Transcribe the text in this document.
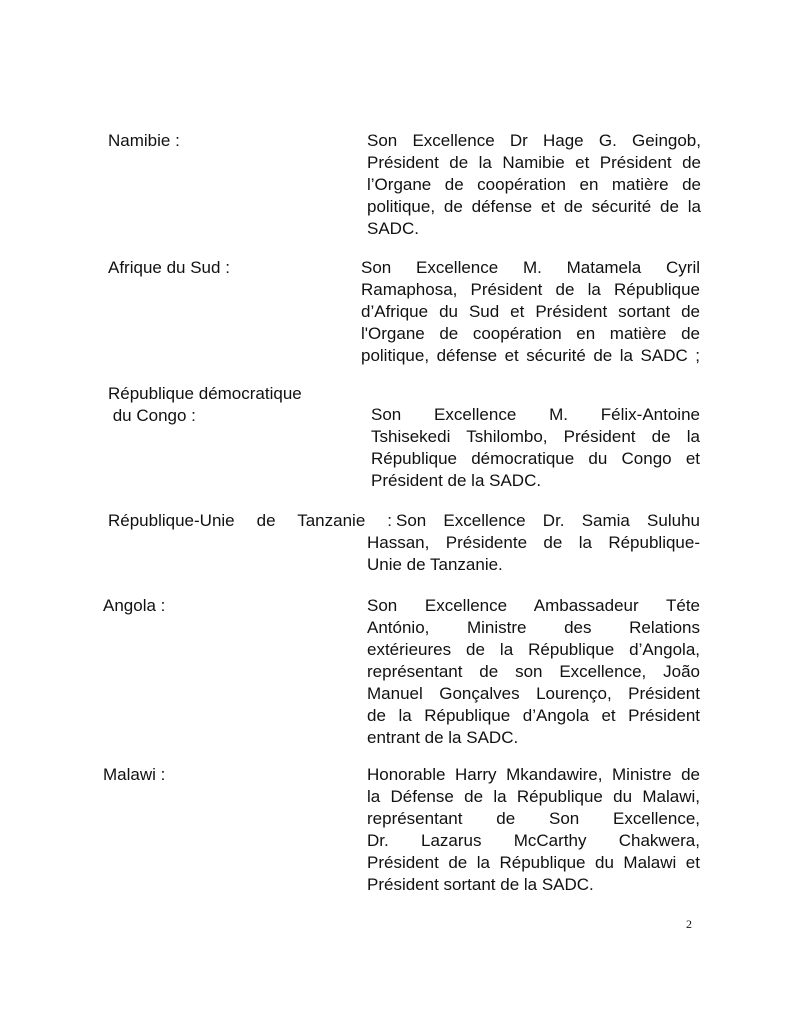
Namibie :	Son Excellence Dr Hage G. Geingob,
Président de la Namibie et Président de
l’Organe de coopération en matière de
politique, de défense et de sécurité de la
SADC.
Afrique du Sud :	Son Excellence M. Matamela Cyril
Ramaphosa, Président de la République
d’Afrique du Sud et Président sortant de
l'Organe de coopération en matière de
politique, défense et sécurité de la SADC ;
République démocratique
du Congo :	Son Excellence M. Félix-Antoine
Tshisekedi Tshilombo, Président de la
République démocratique du Congo et
Président de la SADC.
République-Unie de Tanzanie : Son Excellence Dr. Samia Suluhu
Hassan, Présidente de la République-
Unie de Tanzanie.
Angola :	Son Excellence Ambassadeur Téte
António, Ministre des Relations
extérieures de la République d’Angola,
représentant de son Excellence, João
Manuel Gonçalves Lourenço, Président
de la République d’Angola et Président
entrant de la SADC.
Malawi :	Honorable Harry Mkandawire, Ministre de
la Défense de la République du Malawi,
représentant de Son Excellence,
Dr. Lazarus McCarthy Chakwera,
Président de la République du Malawi et
Président sortant de la SADC.
2
